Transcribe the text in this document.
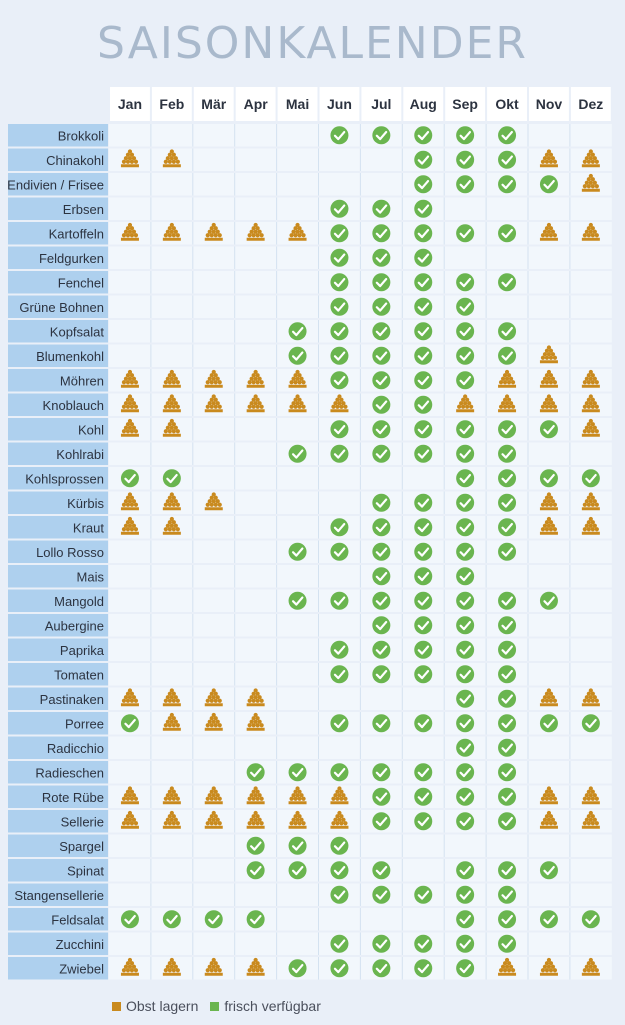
SAISONKALENDER
Jan Feb Mär Apr Mai Jun Jul Aug Sep Okt Nov Dez
Brokkoli
Chinakohl
Endivien / Frisee
Erbsen
Kartoffeln
Feldgurken
Fenchel
Grüne Bohnen
Kopfsalat
Blumenkohl
Möhren
Knoblauch
Kohl
Kohlrabi
Kohlsprossen
Kürbis
Kraut
Lollo Rosso
Mais
Mangold
Aubergine
Paprika
Tomaten
Pastinaken
Porree
Radicchio
Radieschen
Rote Rübe
Sellerie
Spargel
Spinat
Stangensellerie
Feldsalat
Zucchini
Zwiebel
Obst lagern frisch verfügbar
